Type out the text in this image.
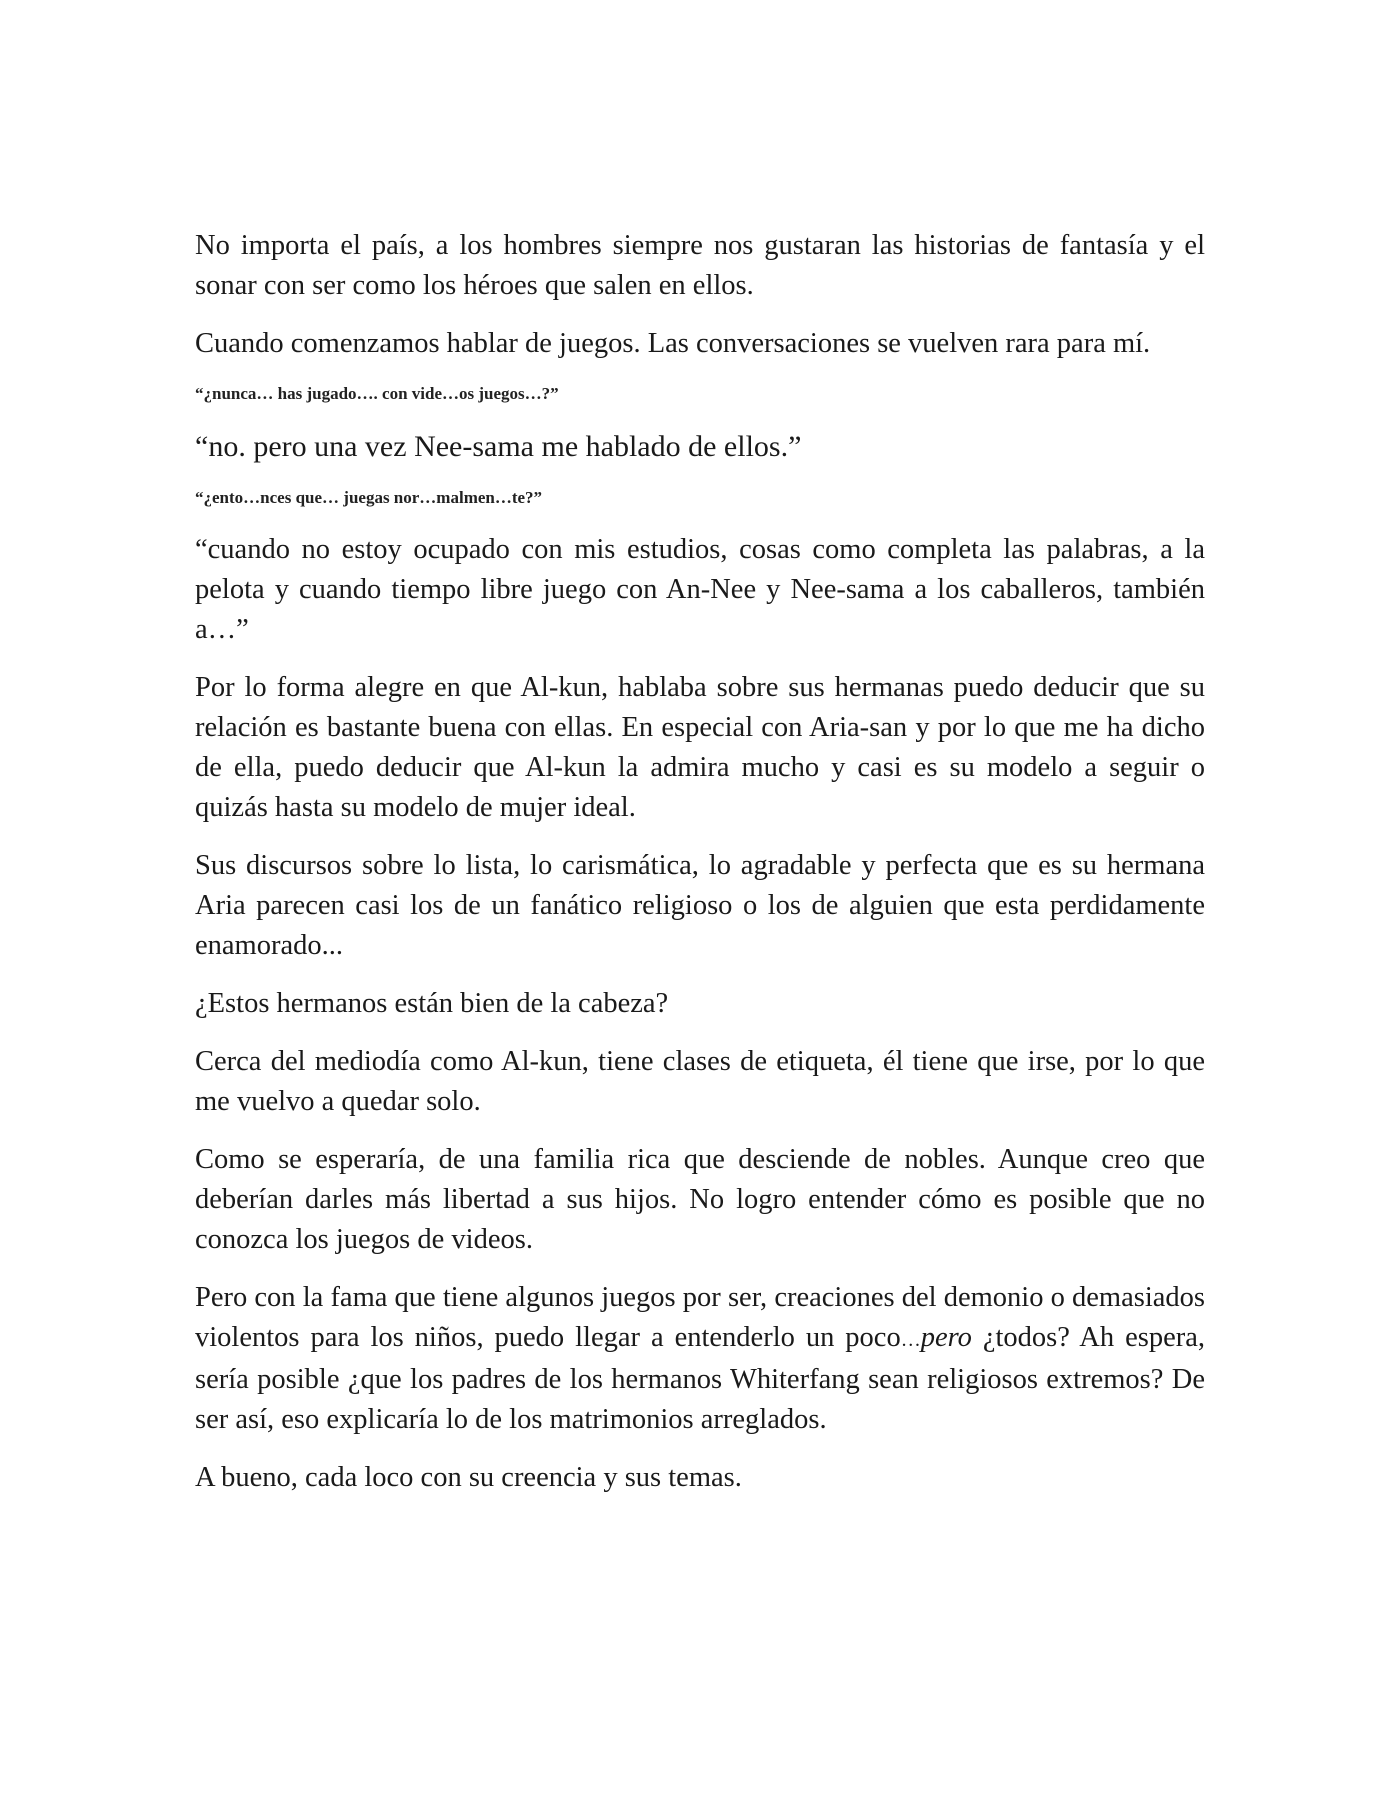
No importa el país, a los hombres siempre nos gustaran las historias de fantasía y el sonar con ser como los héroes que salen en ellos.

Cuando comenzamos hablar de juegos. Las conversaciones se vuelven rara para mí.

“¿nunca… has jugado…. con vide…os juegos…?”

“no. pero una vez Nee-sama me hablado de ellos.”

“¿ento…nces que… juegas nor…malmen…te?”

“cuando no estoy ocupado con mis estudios, cosas como completa las palabras, a la pelota y cuando tiempo libre juego con An-Nee y Nee-sama a los caballeros, también a…”

Por lo forma alegre en que Al-kun, hablaba sobre sus hermanas puedo deducir que su relación es bastante buena con ellas. En especial con Aria-san y por lo que me ha dicho de ella, puedo deducir que Al-kun la admira mucho y casi es su modelo a seguir o quizás hasta su modelo de mujer ideal.

Sus discursos sobre lo lista, lo carismática, lo agradable y perfecta que es su hermana Aria parecen casi los de un fanático religioso o los de alguien que esta perdidamente enamorado...

¿Estos hermanos están bien de la cabeza?

Cerca del mediodía como Al-kun, tiene clases de etiqueta, él tiene que irse, por lo que me vuelvo a quedar solo.

Como se esperaría, de una familia rica que desciende de nobles. Aunque creo que deberían darles más libertad a sus hijos. No logro entender cómo es posible que no conozca los juegos de videos.

Pero con la fama que tiene algunos juegos por ser, creaciones del demonio o demasiados violentos para los niños, puedo llegar a entenderlo un poco…pero ¿todos? Ah espera, sería posible ¿que los padres de los hermanos Whiterfang sean religiosos extremos? De ser así, eso explicaría lo de los matrimonios arreglados.

A bueno, cada loco con su creencia y sus temas.
